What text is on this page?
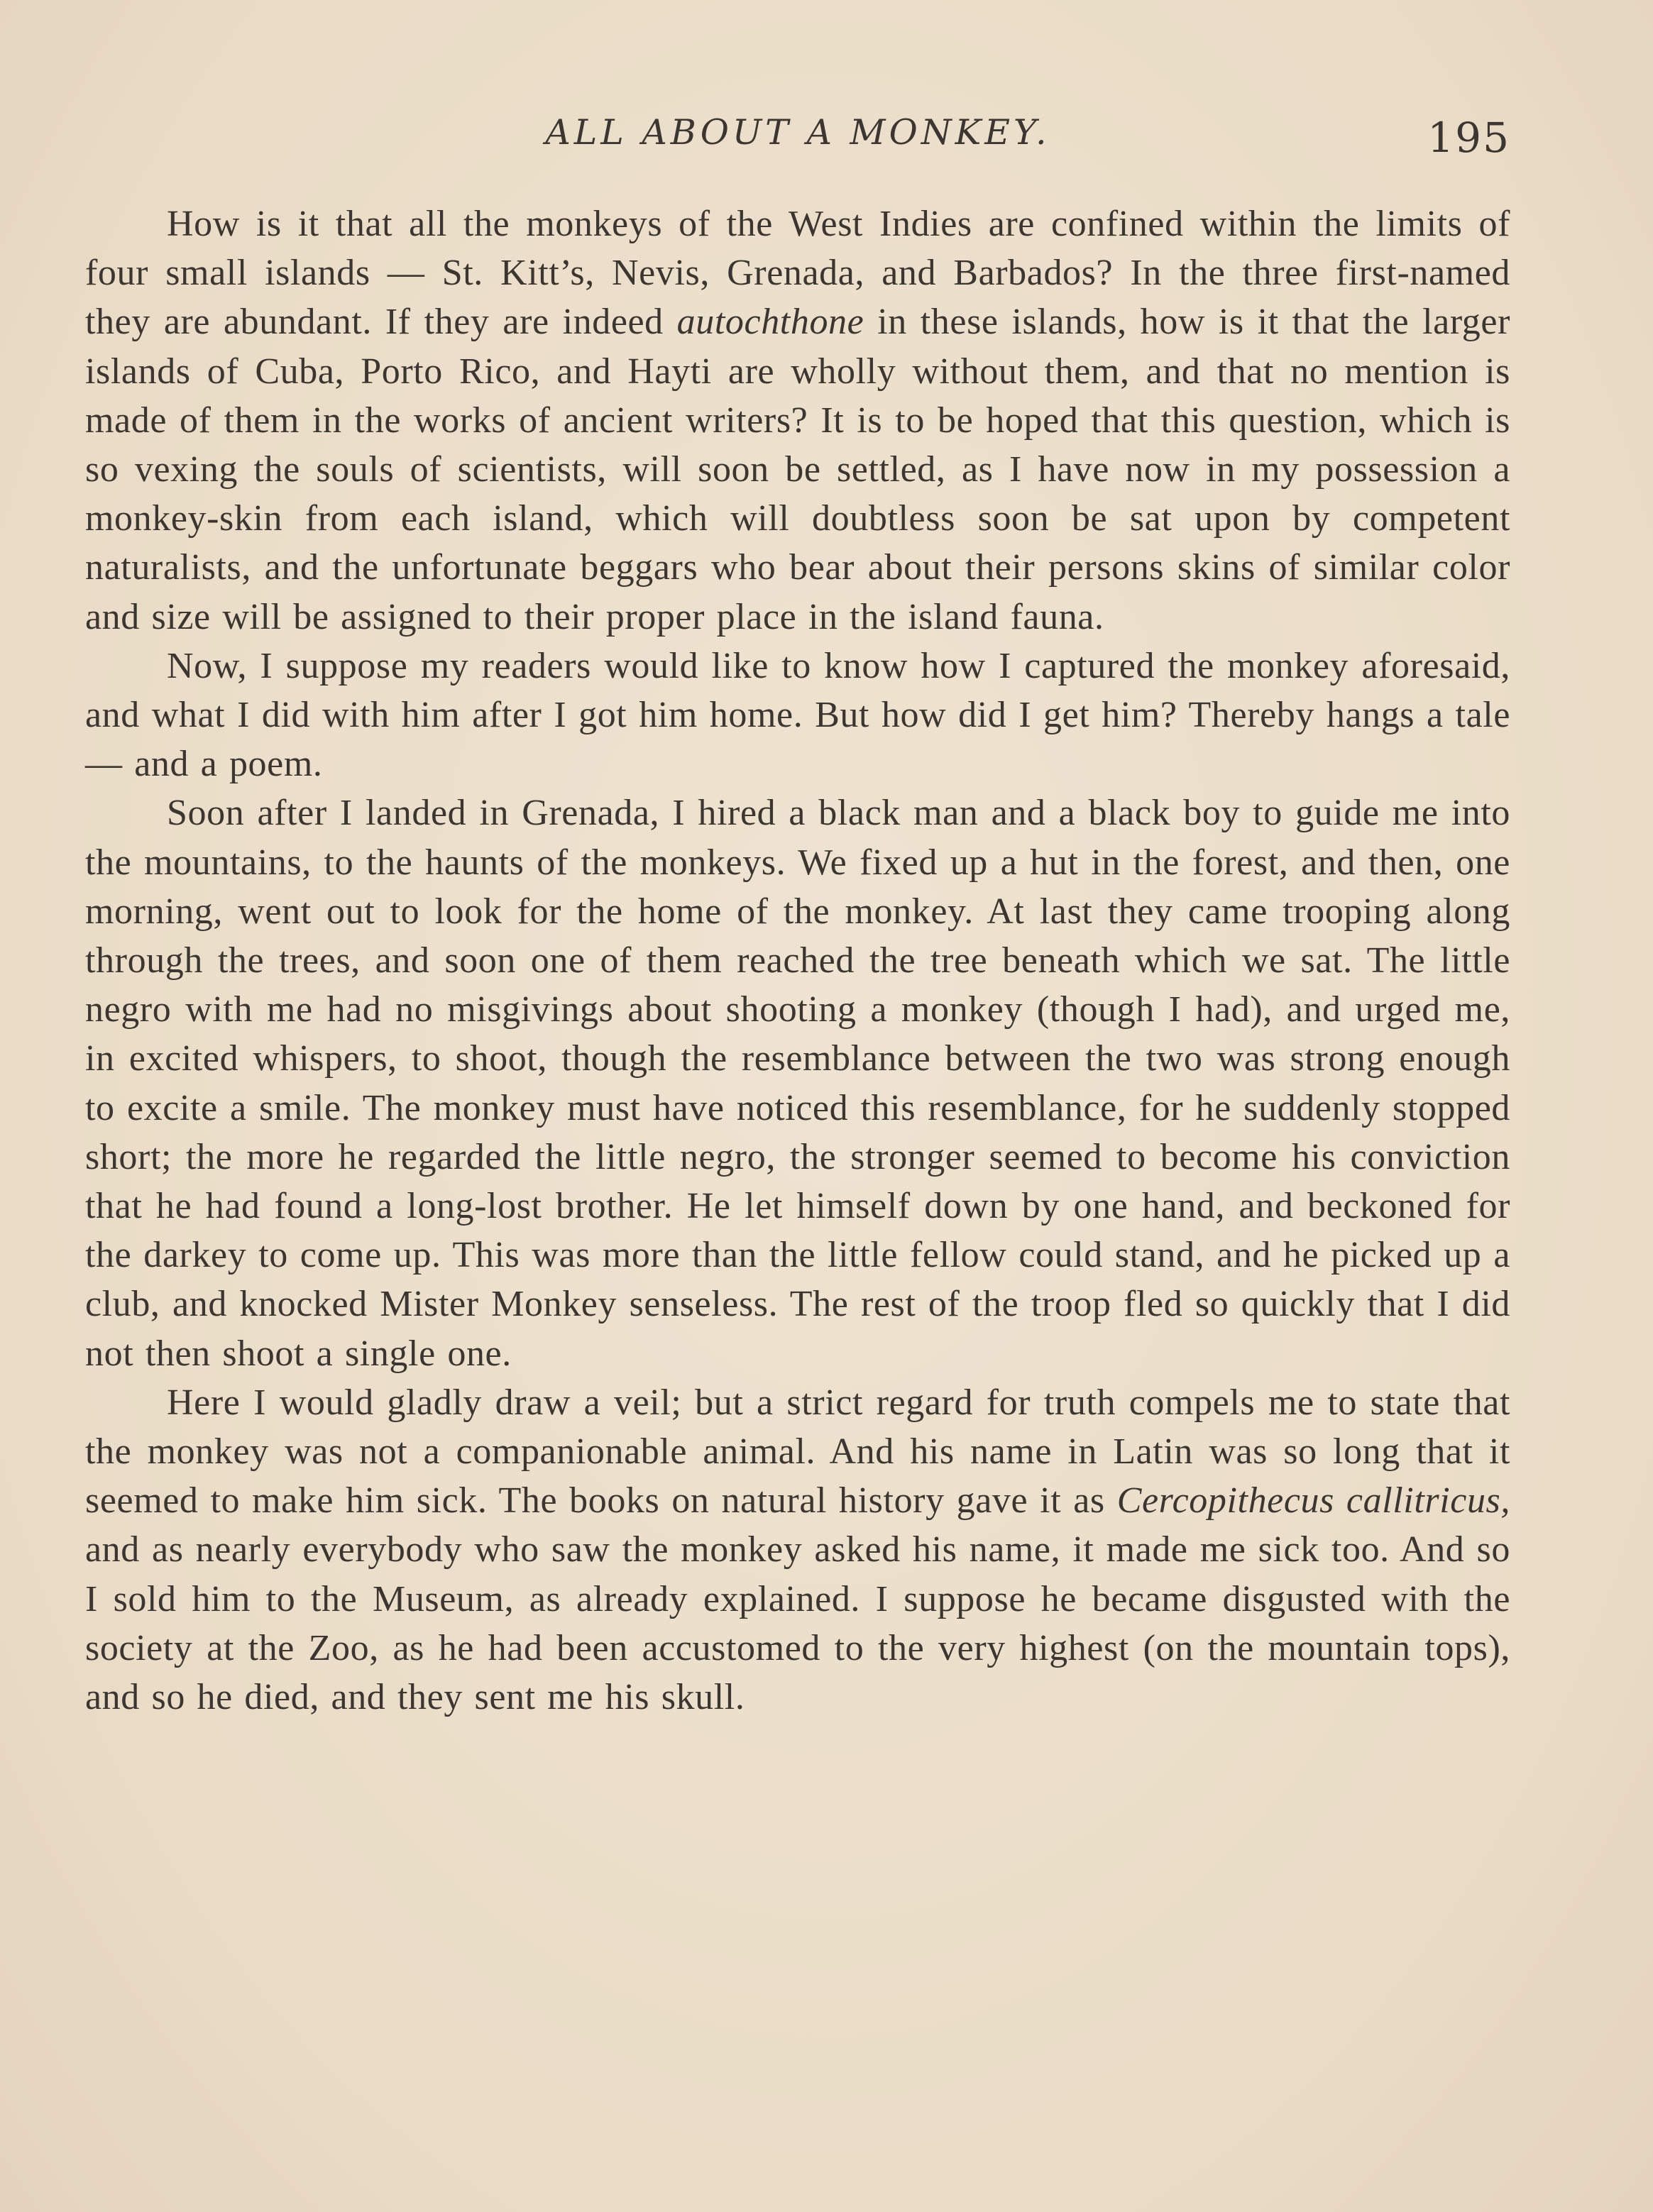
ALL ABOUT A MONKEY.	195

How is it that all the monkeys of the West Indies are confined within the limits of four small islands — St. Kitt’s, Nevis, Grenada, and Barbados? In the three first-named they are abundant. If they are indeed autochthone in these islands, how is it that the larger islands of Cuba, Porto Rico, and Hayti are wholly without them, and that no mention is made of them in the works of ancient writers? It is to be hoped that this question, which is so vexing the souls of scientists, will soon be settled, as I have now in my possession a monkey-skin from each island, which will doubtless soon be sat upon by competent naturalists, and the unfortunate beggars who bear about their persons skins of similar color and size will be assigned to their proper place in the island fauna.

Now, I suppose my readers would like to know how I captured the monkey aforesaid, and what I did with him after I got him home. But how did I get him? Thereby hangs a tale — and a poem.

Soon after I landed in Grenada, I hired a black man and a black boy to guide me into the mountains, to the haunts of the monkeys. We fixed up a hut in the forest, and then, one morning, went out to look for the home of the monkey. At last they came trooping along through the trees, and soon one of them reached the tree beneath which we sat. The little negro with me had no misgivings about shooting a monkey (though I had), and urged me, in excited whispers, to shoot, though the resemblance between the two was strong enough to excite a smile. The monkey must have noticed this resemblance, for he suddenly stopped short; the more he regarded the little negro, the stronger seemed to become his conviction that he had found a long-lost brother. He let himself down by one hand, and beckoned for the darkey to come up. This was more than the little fellow could stand, and he picked up a club, and knocked Mister Monkey senseless. The rest of the troop fled so quickly that I did not then shoot a single one.

Here I would gladly draw a veil; but a strict regard for truth compels me to state that the monkey was not a companionable animal. And his name in Latin was so long that it seemed to make him sick. The books on natural history gave it as Cercopithecus callitricus, and as nearly everybody who saw the monkey asked his name, it made me sick too. And so I sold him to the Museum, as already explained. I suppose he became disgusted with the society at the Zoo, as he had been accustomed to the very highest (on the mountain tops), and so he died, and they sent me his skull.
